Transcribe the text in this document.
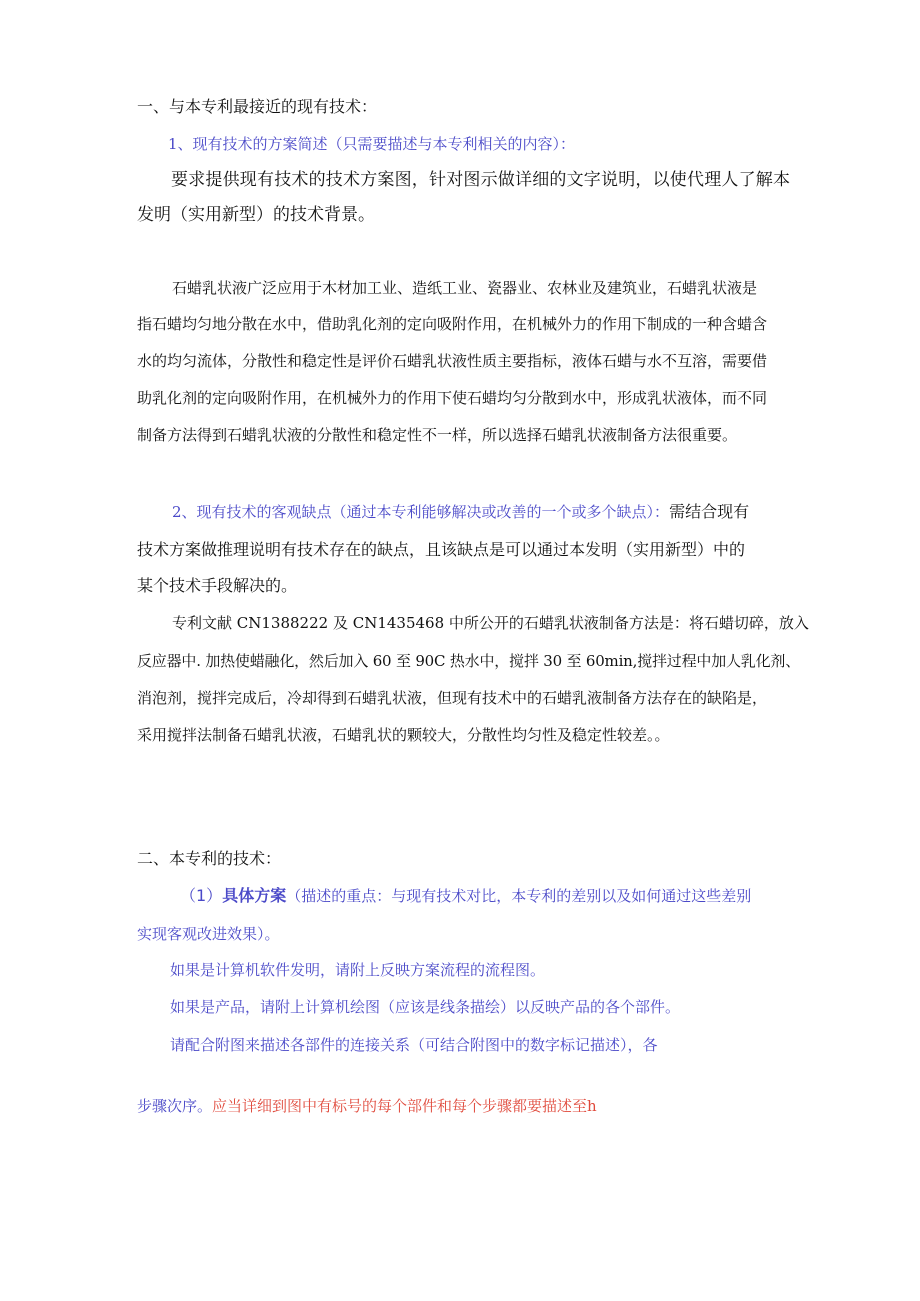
一、与本专利最接近的现有技术：
1、现有技术的方案简述（只需要描述与本专利相关的内容）：
要求提供现有技术的技术方案图，针对图示做详细的文字说明，以使代理人了解本
发明（实用新型）的技术背景。
石蜡乳状液广泛应用于木材加工业、造纸工业、瓷器业、农林业及建筑业，石蜡乳状液是
指石蜡均匀地分散在水中，借助乳化剂的定向吸附作用，在机械外力的作用下制成的一种含蜡含
水的均匀流体，分散性和稳定性是评价石蜡乳状液性质主要指标，液体石蜡与水不互溶，需要借
助乳化剂的定向吸附作用，在机械外力的作用下使石蜡均匀分散到水中，形成乳状液体，而不同
制备方法得到石蜡乳状液的分散性和稳定性不一样，所以选择石蜡乳状液制备方法很重要。
2、现有技术的客观缺点（通过本专利能够解决或改善的一个或多个缺点）：需结合现有
技术方案做推理说明有技术存在的缺点，且该缺点是可以通过本发明（实用新型）中的
某个技术手段解决的。
专利文献 CN1388222 及 CN1435468 中所公开的石蜡乳状液制备方法是：将石蜡切碎，放入
反应器中. 加热使蜡融化，然后加入 60 至 90C 热水中，搅拌 30 至 60min,搅拌过程中加人乳化剂、
消泡剂，搅拌完成后，冷却得到石蜡乳状液，但现有技术中的石蜡乳液制备方法存在的缺陷是，
采用搅拌法制备石蜡乳状液，石蜡乳状的颗较大，分散性均匀性及稳定性较差。。
二、本专利的技术：
（1）具体方案（描述的重点：与现有技术对比，本专利的差别以及如何通过这些差别
实现客观改进效果）。
如果是计算机软件发明，请附上反映方案流程的流程图。
如果是产品，请附上计算机绘图（应该是线条描绘）以反映产品的各个部件。
请配合附图来描述各部件的连接关系（可结合附图中的数字标记描述），各
步骤次序。应当详细到图中有标号的每个部件和每个步骤都要描述至h
